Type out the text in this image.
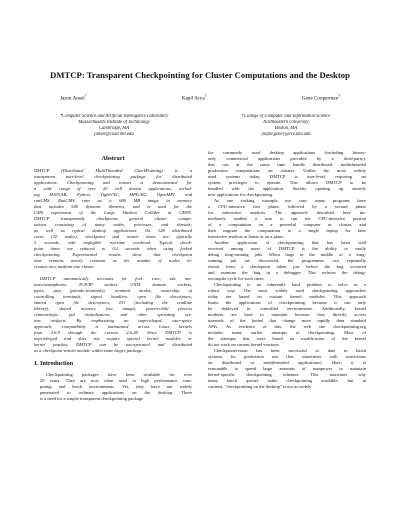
DMTCP: Transparent Checkpointing for Cluster Computations and the Desktop
Jason Ansel*	Kapil Arya†	Gene Cooperman†
*Computer Science and Artificial Intelligence Laboratory
Massachusetts Institute of Technology
Cambridge, MA
jansel@csail.mit.edu
†College of Computer and Information Science
Northeastern University
Boston, MA
{kapil,gene}@ccs.neu.edu
Abstract

DMTCP (Distributed MultiThreaded CheckPointing) is a
transparent user-level checkpointing package for distributed
applications. Checkpointing and restart is demonstrated for
a wide range of over 20 well known applications, includ-
ing MATLAB, Python, TightVNC, MPICH2, OpenMPI, and
runCMS. RunCMS runs as a 680 MB image in memory
that includes 540 dynamic libraries, and is used for the
CMS experiment of the Large Hadron Collider at CERN.
DMTCP transparently checkpoints general cluster compu-
tations consisting of many nodes, processes, and threads;
as well as typical desktop applications. On 128 distributed
cores (32 nodes), checkpoint and restart times are typically
2 seconds, with negligible run-time overhead. Typical check-
point times are reduced to 0.2 seconds when using forked
checkpointing. Experimental results show that checkpoint
time remains nearly constant as the number of nodes in-
creases on a medium-size cluster.

DMTCP automatically accounts for fork, exec, ssh, mu-
texes/semaphores, TCP/IP sockets, UNIX domain sockets,
pipes, ptys (pseudo-terminals), terminal modes, ownership of
controlling terminals, signal handlers, open file descriptors,
shared open file descriptors, I/O (including the readline
library), shared memory (via mmap), parent-child process
relationships, pid virtualization, and other operating sys-
tem artifacts. By emphasizing an unprivileged, user-space
approach, compatibility is maintained across Linux kernels
from 2.6.9 through the current 2.6.28. Since DMTCP is
unprivileged and does not require special kernel modules or
kernel patches, DMTCP can be incorporated and distributed
as a checkpoint-restart module within some larger package.

1. Introduction

Checkpointing packages have been available for over
20 years. They are now often used in high performance com-
puting and batch environments. Yet, they have not widely
penetrated to ordinary applications on the desktop. There
is a need for a simple transparent checkpointing package

for commonly used desktop applications (including binary-
only commercial applications provided by a third-party),
that can at the same time handle distributed, multithreaded
production computations on clusters. Unlike the most widely
used systems today, DMTCP is user-level, requiring no
system privileges to operate. This allows DMTCP to be
bundled with the application, thereby opening up entirely
new applications for checkpointing.

As one striking example use case, many programs have
a CPU-intensive first phase, followed by a second phase
for interactive analysis. The approach described here im-
mediately enables a user to run the CPU-intensive portion
of a computation on a powerful computer or cluster, and
then migrate the computation to a single laptop for later
interactive analysis at home or on a plane.

Another application of checkpointing that has been well
received among users of DMTCP is the ability to easily
debug long-running jobs. When bugs in the middle of a long-
running job are discovered, the programmer can repeatedly
restart from a checkpoint taken just before the bug occurred
and examine the bug in a debugger. This reduces the debug-
recompile cycle for such cases.

Checkpointing is an inherently hard problem to solve in a
robust way. The most widely used checkpointing approaches
today are based on custom kernel modules. This approach
limits the applications of checkpointing because it can only
be deployed in controlled environments. Additionally, kernel
modules are hard to maintain because they directly access
internals of the kernel that change more rapidly than standard
APIs. As evidence of this, the web site checkpointing.org
includes many earlier attempts at checkpointing. Most of
the attempts that were based on modification of the kernel
do not work on current kernel versions.

Checkpoint/restart has been successful to date in batch
systems for production use (but sometimes with restrictions
on distributed or multithreaded applications). Here, it is
reasonable to spend large amounts of manpower to maintain
kernel-specific checkpointing schemes. This motivates why
many batch queues make checkpointing available, but in
contrast, "checkpointing on the desktop" is not as widely
